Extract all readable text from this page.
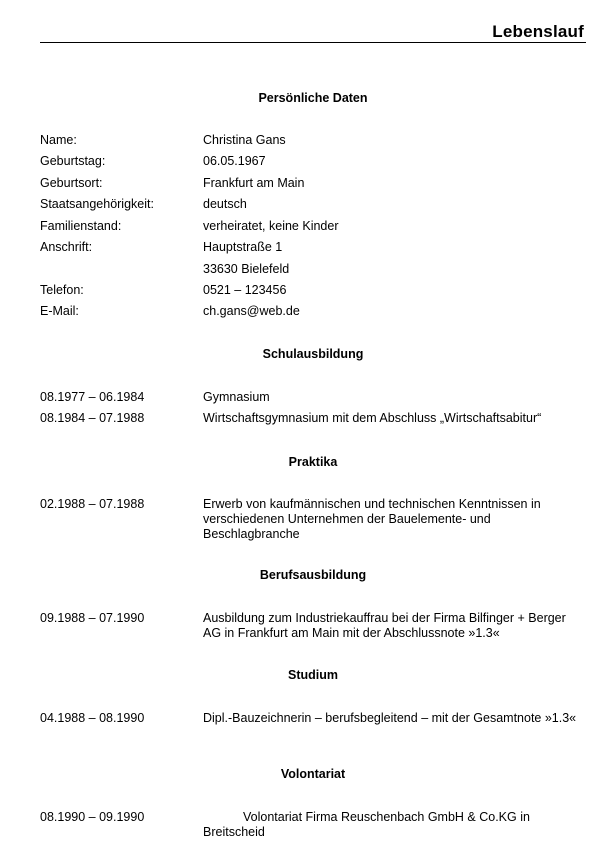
Lebenslauf
Persönliche Daten
Name:	Christina Gans
Geburtstag:	06.05.1967
Geburtsort:	Frankfurt am Main
Staatsangehörigkeit:	deutsch
Familienstand:	verheiratet, keine Kinder
Anschrift:	Hauptstraße 1
33630 Bielefeld
Telefon:	0521 – 123456
E-Mail:	ch.gans@web.de
Schulausbildung
08.1977 – 06.1984	Gymnasium
08.1984 – 07.1988	Wirtschaftsgymnasium mit dem Abschluss „Wirtschaftsabitur“
Praktika
02.1988 – 07.1988	Erwerb von kaufmännischen und technischen Kenntnissen in verschiedenen Unternehmen der Bauelemente- und Beschlagbranche
Berufsausbildung
09.1988 – 07.1990	Ausbildung zum Industriekauffrau bei der Firma Bilfinger + Berger AG in Frankfurt am Main mit der Abschlussnote »1.3«
Studium
04.1988 – 08.1990	Dipl.-Bauzeichnerin – berufsbegleitend – mit der Gesamtnote »1.3«
Volontariat
08.1990 – 09.1990	Volontariat Firma Reuschenbach GmbH & Co.KG in Breitscheid
